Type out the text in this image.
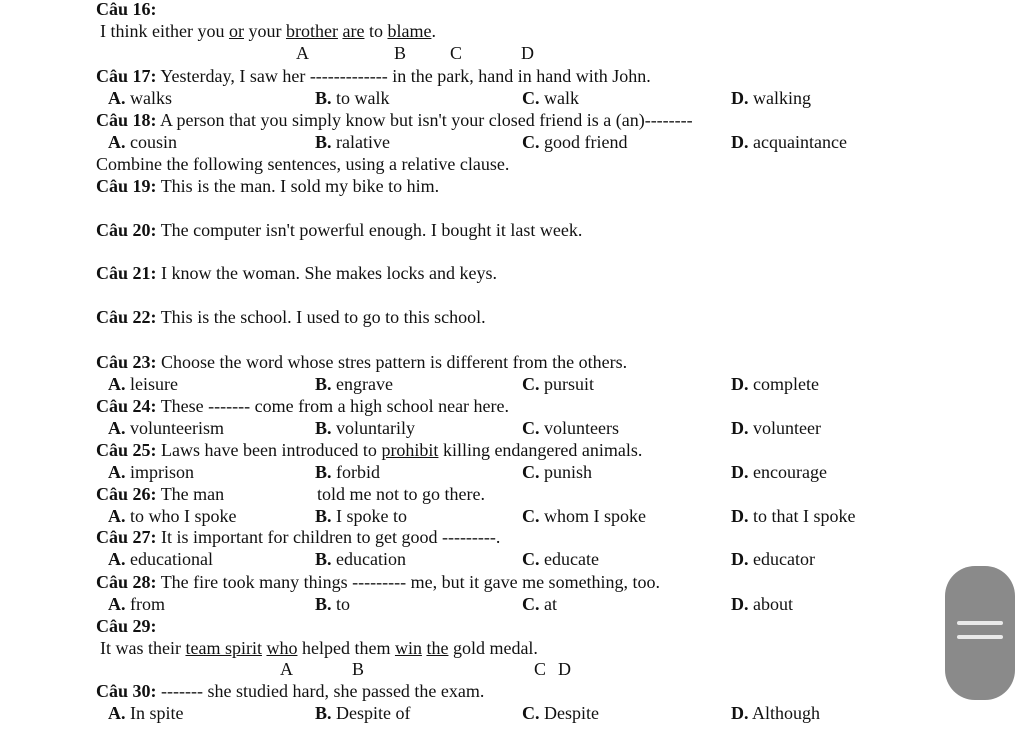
Câu 16:
I think either you or your brother are to blame.
A	B C	D
Câu 17: Yesterday, I saw her ------------- in the park, hand in hand with John.
A. walks	B. to walk	C. walk	D. walking
Câu 18: A person that you simply know but isn't your closed friend is a (an)--------
A. cousin	B. ralative	C. good friend	D. acquaintance
Combine the following sentences, using a relative clause.
Câu 19: This is the man. I sold my bike to him.
Câu 20: The computer isn't powerful enough. I bought it last week.
Câu 21: I know the woman. She makes locks and keys.
Câu 22: This is the school. I used to go to this school.
Câu 23: Choose the word whose stres pattern is different from the others.
A. leisure	B. engrave	C. pursuit	D. complete
Câu 24: These ------- come from a high school near here.
A. volunteerism	B. voluntarily	C. volunteers	D. volunteer
Câu 25: Laws have been introduced to prohibit killing endangered animals.
A. imprison	B. forbid	C. punish	D. encourage
Câu 26: The man	told me not to go there.
A. to who I spoke	B. I spoke to	C. whom I spoke	D. to that I spoke
Câu 27: It is important for children to get good ---------.
A. educational	B. education	C. educate	D. educator
Câu 28: The fire took many things --------- me, but it gave me something, too.
A. from	B. to	C. at	D. about
Câu 29:
It was their team spirit who helped them win the gold medal.
A	B	C D
Câu 30: ------- she studied hard, she passed the exam.
A. In spite	B. Despite of	C. Despite	D. Although
